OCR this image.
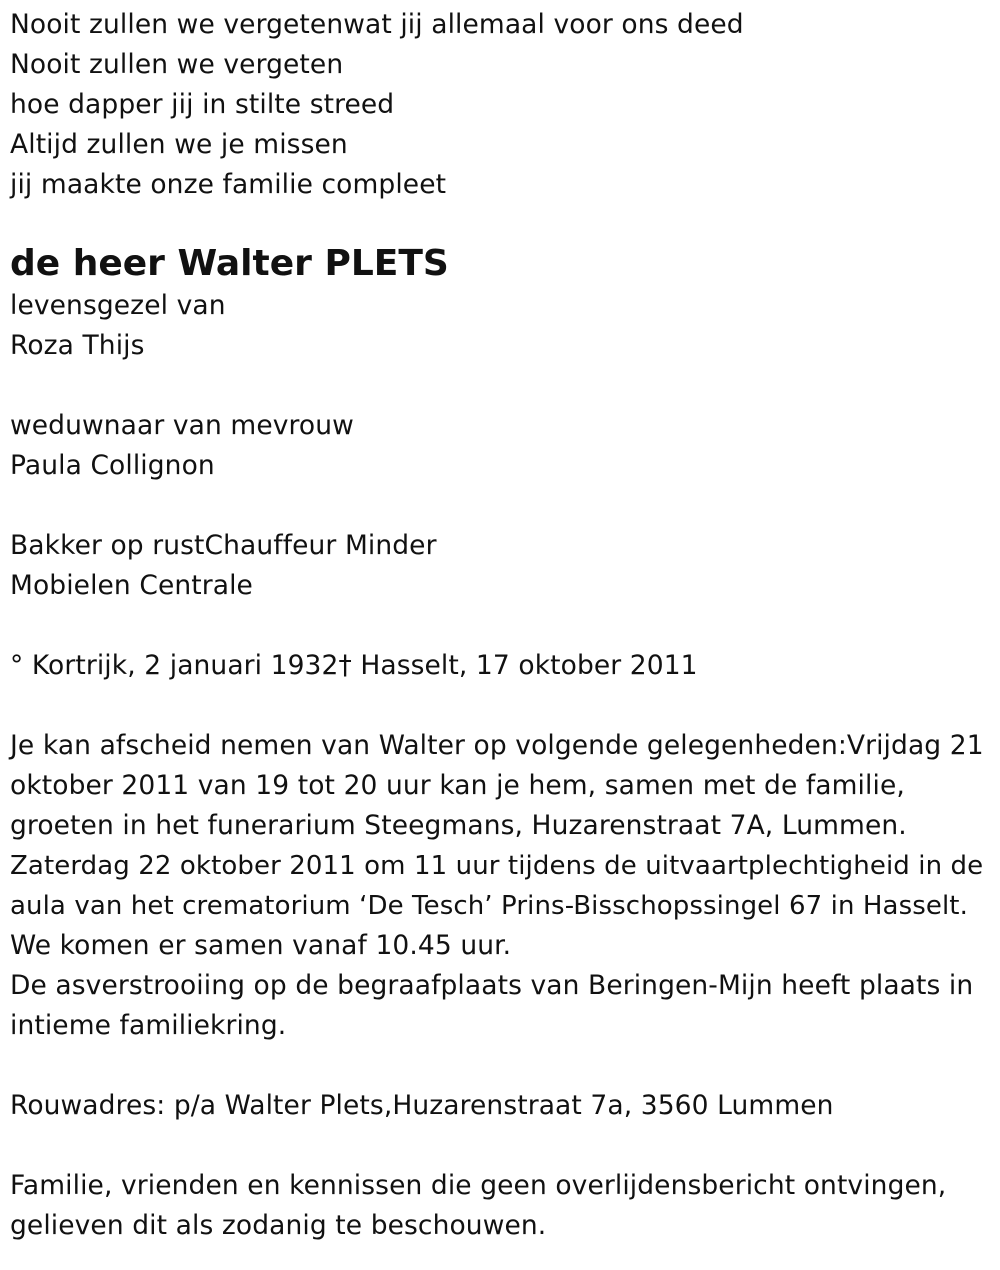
Nooit zullen we vergetenwat jij allemaal voor ons deed
Nooit zullen we vergeten
hoe dapper jij in stilte streed
Altijd zullen we je missen
jij maakte onze familie compleet
de heer Walter PLETS
levensgezel van
Roza Thijs
weduwnaar van mevrouw
Paula Collignon
Bakker op rustChauffeur Minder
Mobielen Centrale
° Kortrijk, 2 januari 1932† Hasselt, 17 oktober 2011
Je kan afscheid nemen van Walter op volgende gelegenheden:Vrijdag 21
oktober 2011 van 19 tot 20 uur kan je hem, samen met de familie,
groeten in het funerarium Steegmans, Huzarenstraat 7A, Lummen.
Zaterdag 22 oktober 2011 om 11 uur tijdens de uitvaartplechtigheid in de
aula van het crematorium ‘De Tesch’ Prins-Bisschopssingel 67 in Hasselt.
We komen er samen vanaf 10.45 uur.
De asverstrooiing op de begraafplaats van Beringen-Mijn heeft plaats in
intieme familiekring.
Rouwadres: p/a Walter Plets,Huzarenstraat 7a, 3560 Lummen
Familie, vrienden en kennissen die geen overlijdensbericht ontvingen,
gelieven dit als zodanig te beschouwen.
